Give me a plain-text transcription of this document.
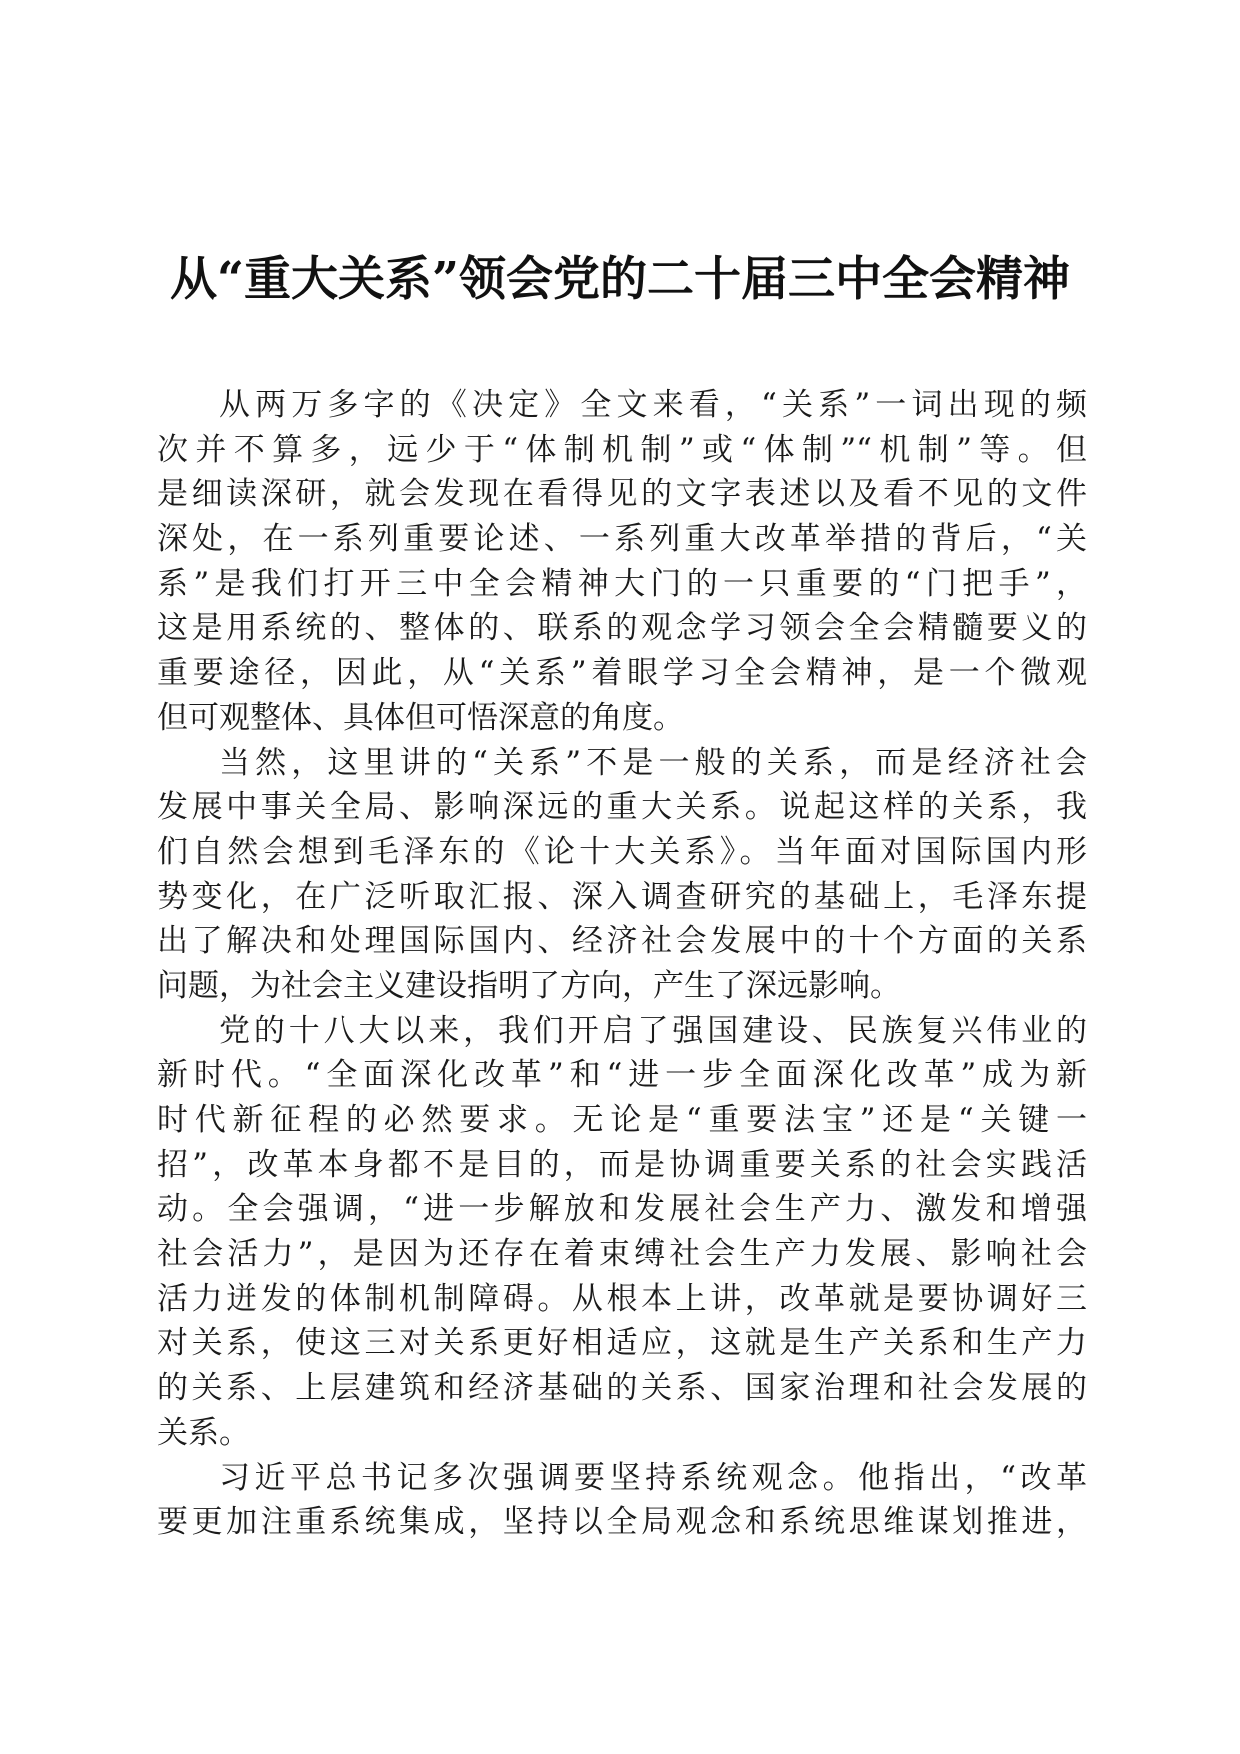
从“重大关系”领会党的二十届三中全会精神
从两万多字的《决定》全文来看，“关系”一词出现的频
次并不算多，远少于“体制机制”或“体制”“机制”等。但
是细读深研，就会发现在看得见的文字表述以及看不见的文件
深处，在一系列重要论述、一系列重大改革举措的背后，“关
系”是我们打开三中全会精神大门的一只重要的“门把手”，
这是用系统的、整体的、联系的观念学习领会全会精髓要义的
重要途径，因此，从“关系”着眼学习全会精神，是一个微观
但可观整体、具体但可悟深意的角度。
当然，这里讲的“关系”不是一般的关系，而是经济社会
发展中事关全局、影响深远的重大关系。说起这样的关系，我
们自然会想到毛泽东的《论十大关系》。当年面对国际国内形
势变化，在广泛听取汇报、深入调查研究的基础上，毛泽东提
出了解决和处理国际国内、经济社会发展中的十个方面的关系
问题，为社会主义建设指明了方向，产生了深远影响。
党的十八大以来，我们开启了强国建设、民族复兴伟业的
新时代。“全面深化改革”和“进一步全面深化改革”成为新
时代新征程的必然要求。无论是“重要法宝”还是“关键一
招”，改革本身都不是目的，而是协调重要关系的社会实践活
动。全会强调，“进一步解放和发展社会生产力、激发和增强
社会活力”，是因为还存在着束缚社会生产力发展、影响社会
活力迸发的体制机制障碍。从根本上讲，改革就是要协调好三
对关系，使这三对关系更好相适应，这就是生产关系和生产力
的关系、上层建筑和经济基础的关系、国家治理和社会发展的
关系。
习近平总书记多次强调要坚持系统观念。他指出，“改革
要更加注重系统集成，坚持以全局观念和系统思维谋划推进，
